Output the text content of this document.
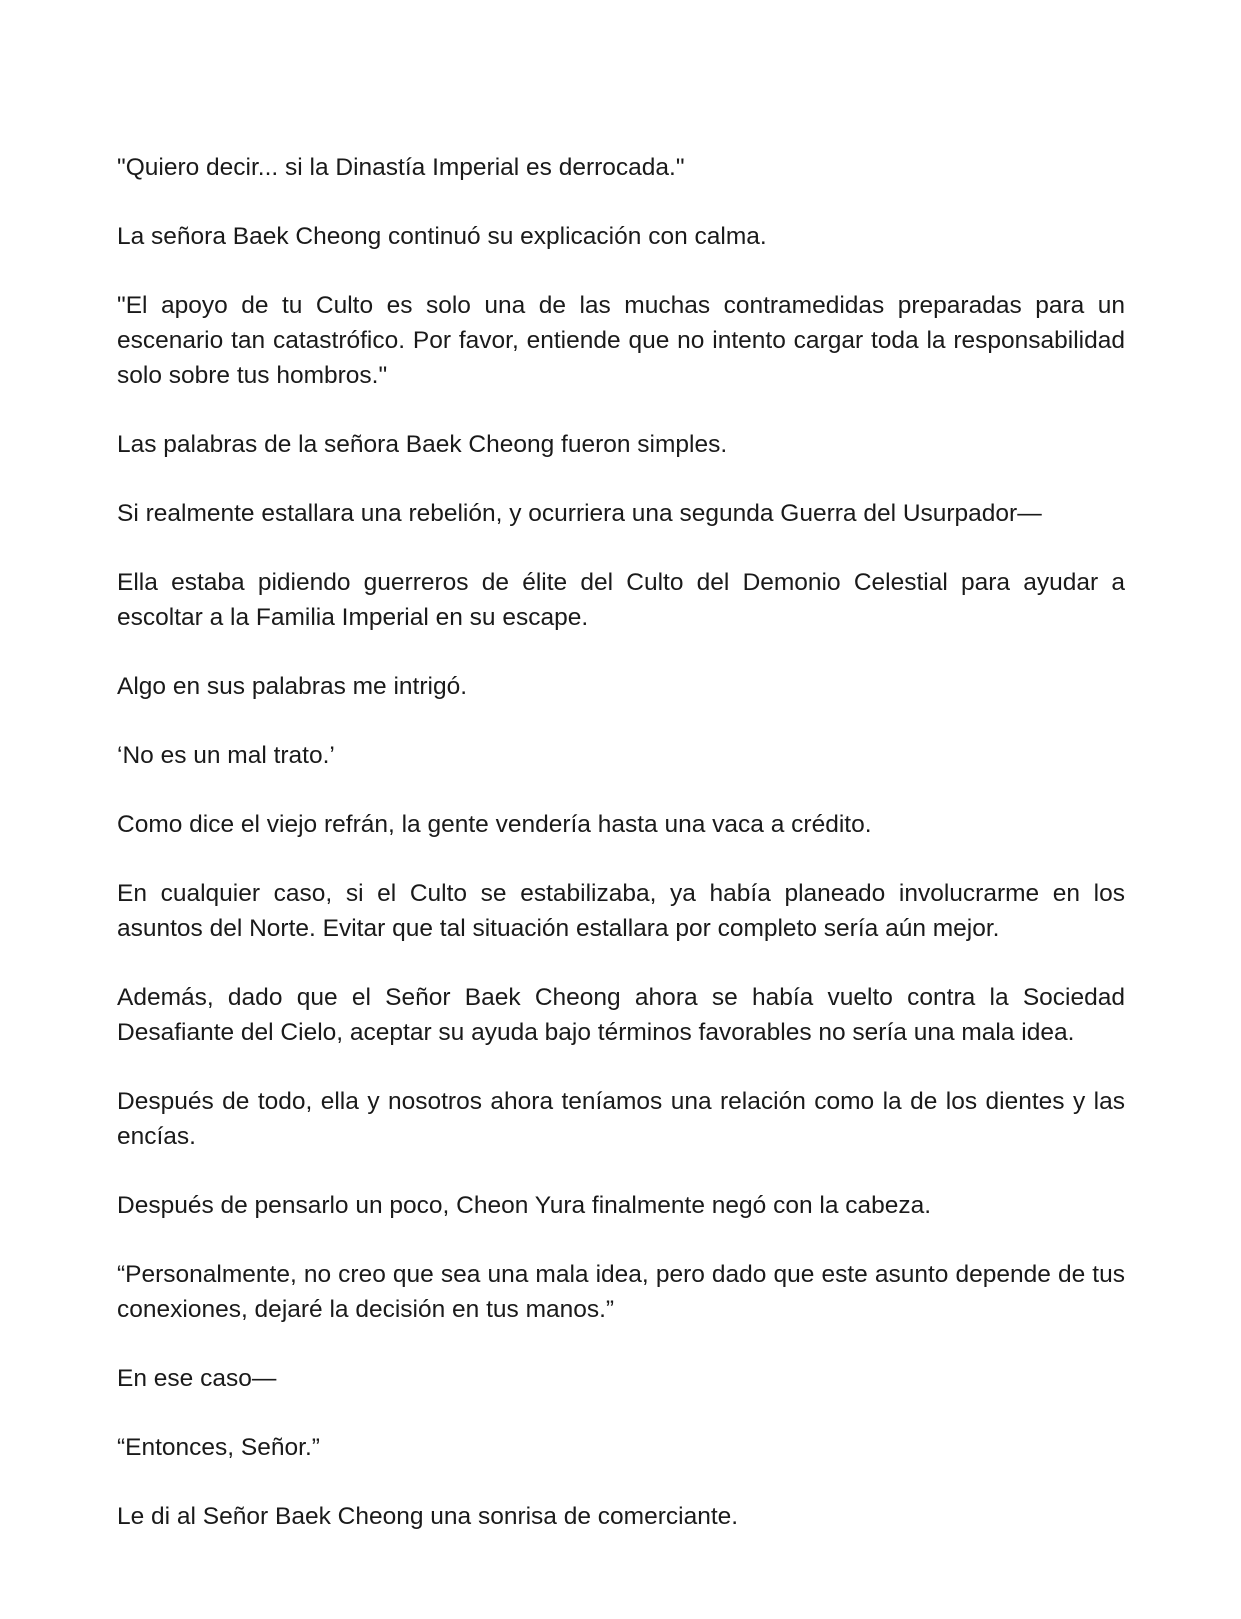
"Quiero decir... si la Dinastía Imperial es derrocada."

La señora Baek Cheong continuó su explicación con calma.

"El apoyo de tu Culto es solo una de las muchas contramedidas preparadas para un escenario tan catastrófico. Por favor, entiende que no intento cargar toda la responsabilidad solo sobre tus hombros."

Las palabras de la señora Baek Cheong fueron simples.

Si realmente estallara una rebelión, y ocurriera una segunda Guerra del Usurpador—

Ella estaba pidiendo guerreros de élite del Culto del Demonio Celestial para ayudar a escoltar a la Familia Imperial en su escape.

Algo en sus palabras me intrigó.

‘No es un mal trato.’

Como dice el viejo refrán, la gente vendería hasta una vaca a crédito.

En cualquier caso, si el Culto se estabilizaba, ya había planeado involucrarme en los asuntos del Norte. Evitar que tal situación estallara por completo sería aún mejor.

Además, dado que el Señor Baek Cheong ahora se había vuelto contra la Sociedad Desafiante del Cielo, aceptar su ayuda bajo términos favorables no sería una mala idea.

Después de todo, ella y nosotros ahora teníamos una relación como la de los dientes y las encías.

Después de pensarlo un poco, Cheon Yura finalmente negó con la cabeza.

“Personalmente, no creo que sea una mala idea, pero dado que este asunto depende de tus conexiones, dejaré la decisión en tus manos.”

En ese caso—

“Entonces, Señor.”

Le di al Señor Baek Cheong una sonrisa de comerciante.
